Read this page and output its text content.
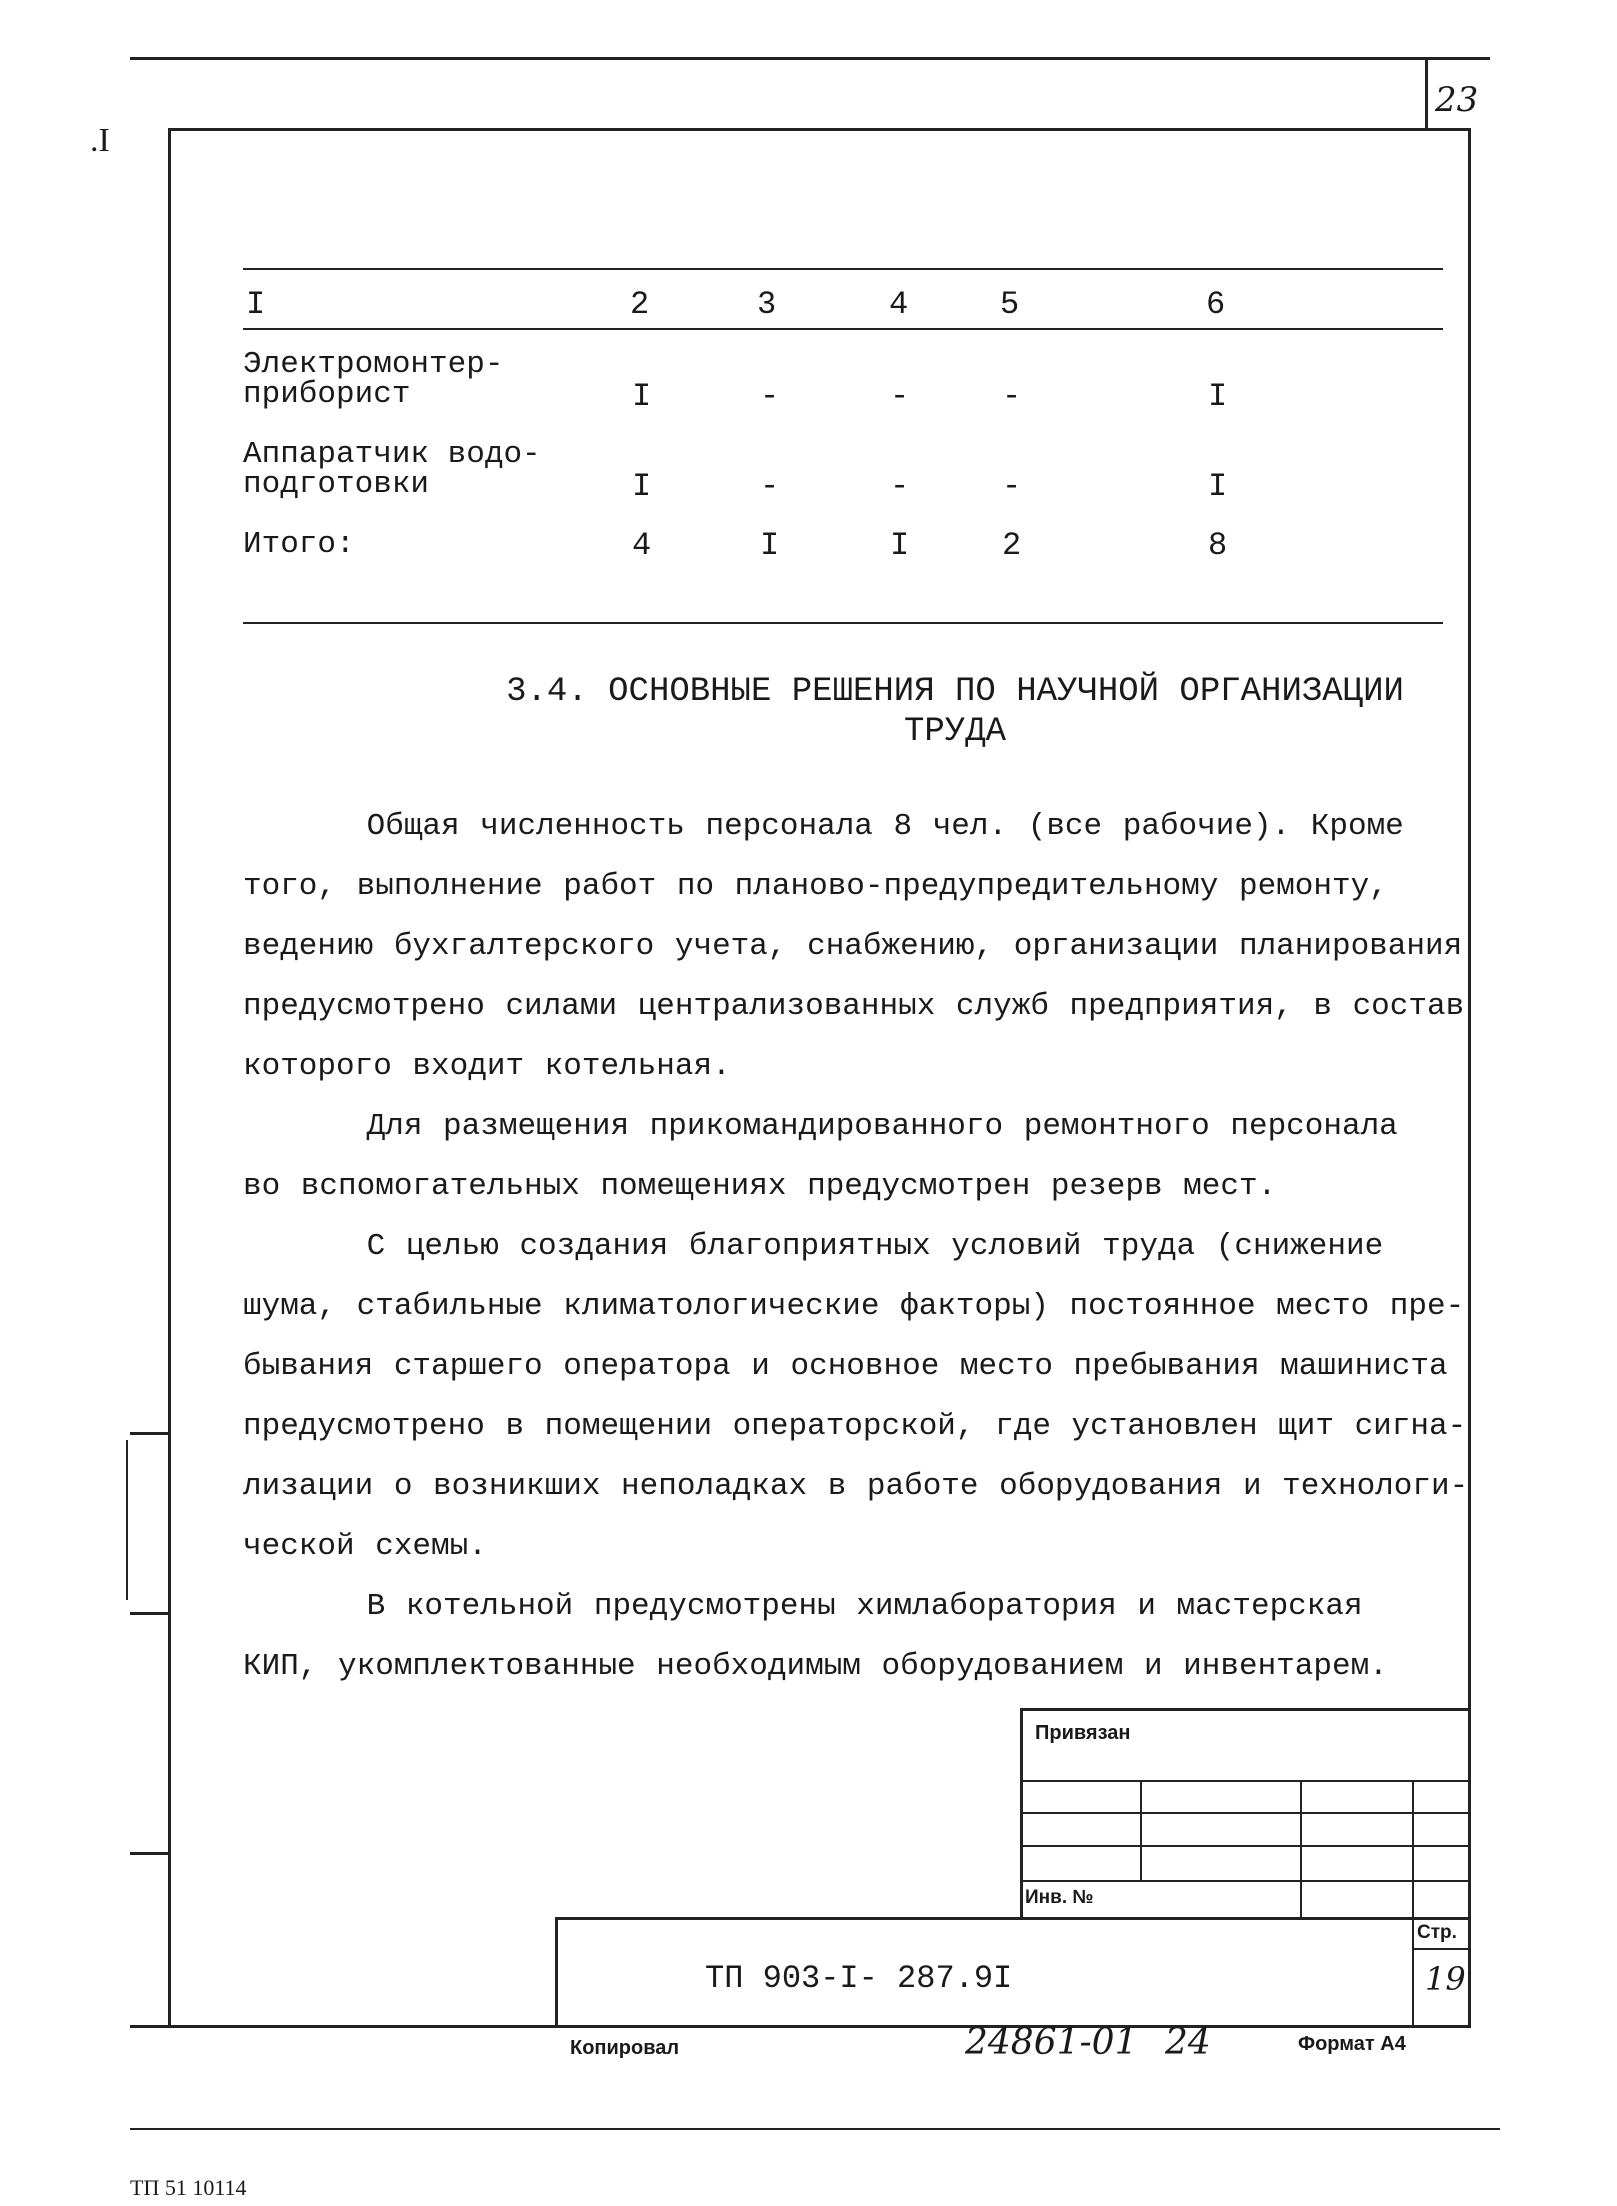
23
.I
I	2	3	4	5	6
Электромонтер-
приборист	I	-	-	-	I
Аппаратчик водо-
подготовки	I	-	-	-	I
Итого:	4	I	I	2	8
3.4. ОСНОВНЫЕ РЕШЕНИЯ ПО НАУЧНОЙ ОРГАНИЗАЦИИ
ТРУДА
Общая численность персонала 8 чел. (все рабочие). Кроме
того, выполнение работ по планово-предупредительному ремонту,
ведению бухгалтерского учета, снабжению, организации планирования
предусмотрено силами централизованных служб предприятия, в состав
которого входит котельная.
Для размещения прикомандированного ремонтного персонала
во вспомогательных помещениях предусмотрен резерв мест.
С целью создания благоприятных условий труда (снижение
шума, стабильные климатологические факторы) постоянное место пре-
бывания старшего оператора и основное место пребывания машиниста
предусмотрено в помещении операторской, где установлен щит сигна-
лизации о возникших неполадках в работе оборудования и технологи-
ческой схемы.
В котельной предусмотрены химлаборатория и мастерская
КИП, укомплектованные необходимым оборудованием и инвентарем.
Привязан
Инв. №
Стр.
19
ТП 903-I- 287.9I
Копировал	24861-01 24	Формат А4
ТП 51 10114
